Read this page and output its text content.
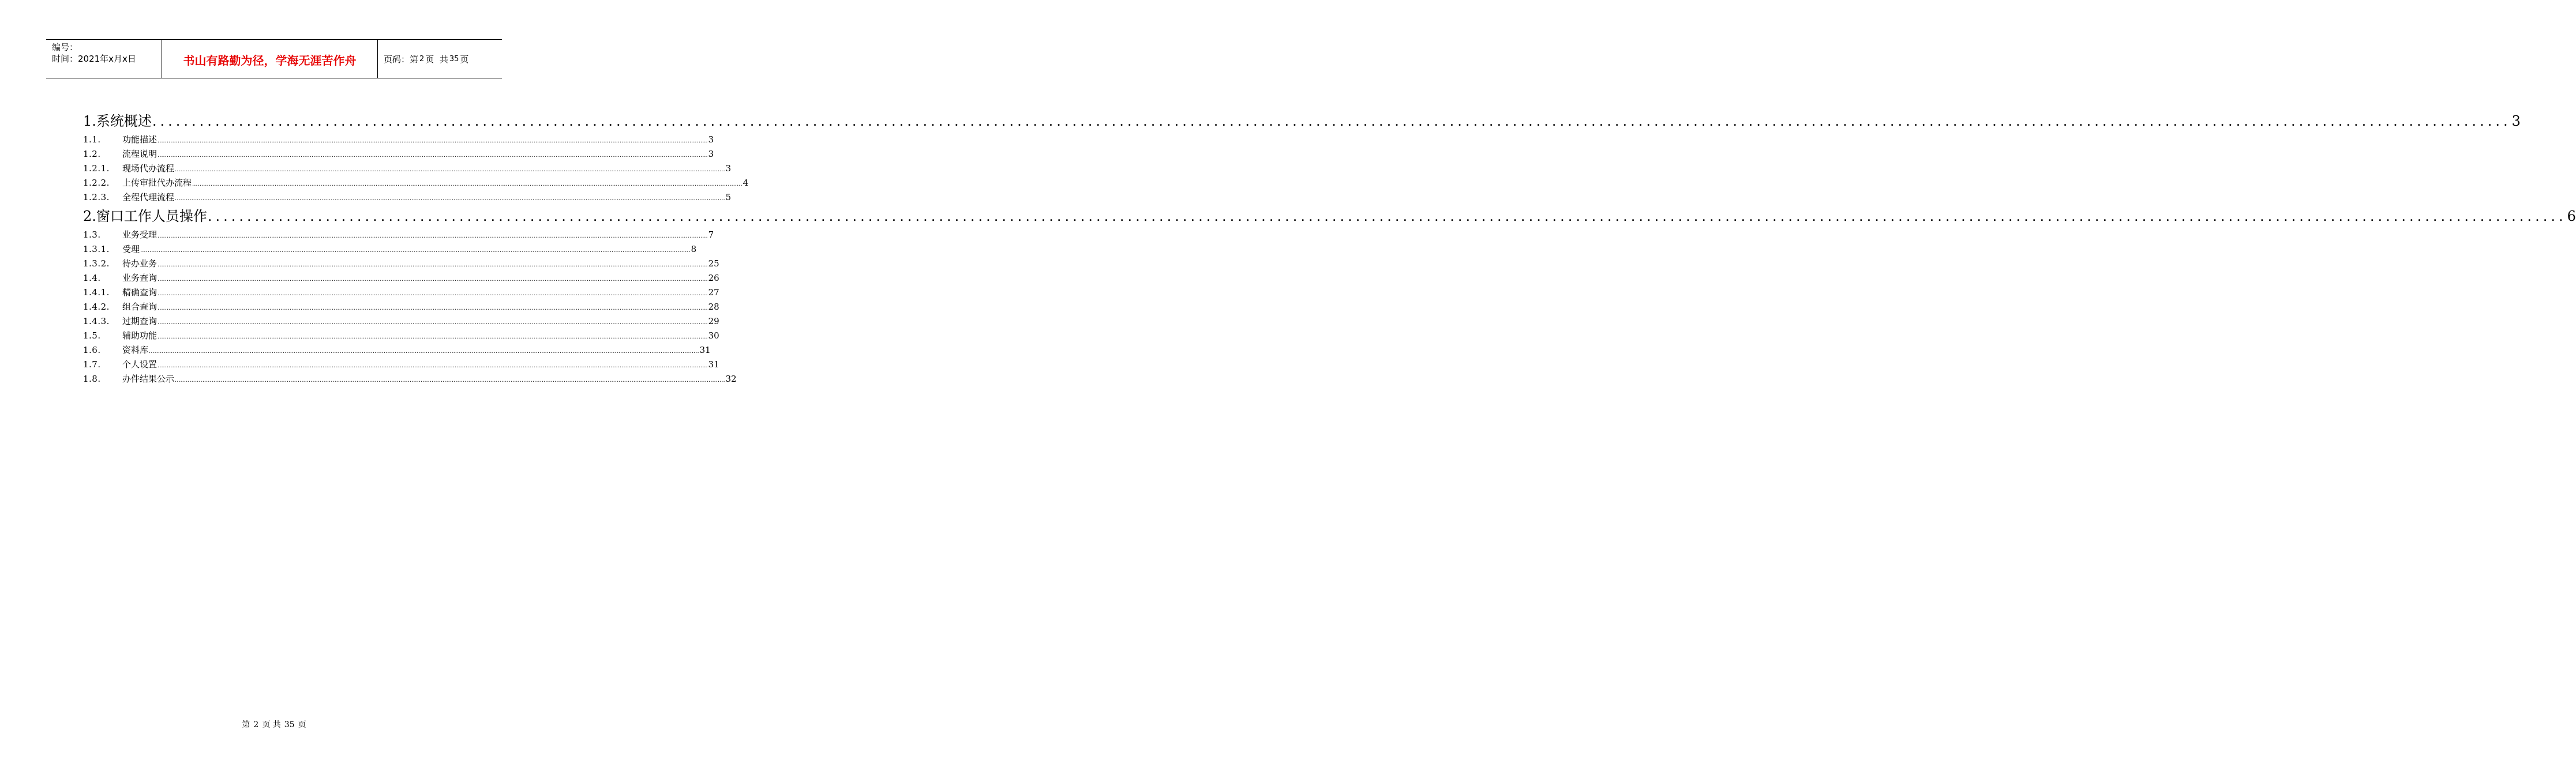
编号：
时间：2021年x月x日	书山有路勤为径，学海无涯苦作舟	页码：第 2 页  共 35 页
1. 系统概述 ............................................................................................................................................................................................................................................................................................................ 3
1.1.	功能描述 ............................................................................................................................................................................................................................................................................................................ 3
1.2.	流程说明 ............................................................................................................................................................................................................................................................................................................ 3
1.2.1.	现场代办流程 ............................................................................................................................................................................................................................................................................................................ 3
1.2.2.	上传审批代办流程 ............................................................................................................................................................................................................................................................................................................ 4
1.2.3.	全程代理流程 ............................................................................................................................................................................................................................................................................................................ 5
2. 窗口工作人员操作 ............................................................................................................................................................................................................................................................................................................ 6
1.3.	业务受理 ............................................................................................................................................................................................................................................................................................................ 7
1.3.1.	受理 ............................................................................................................................................................................................................................................................................................................ 8
1.3.2.	待办业务 ............................................................................................................................................................................................................................................................................................................ 25
1.4.	业务查询 ............................................................................................................................................................................................................................................................................................................ 26
1.4.1.	精确查询 ............................................................................................................................................................................................................................................................................................................ 27
1.4.2.	组合查询 ............................................................................................................................................................................................................................................................................................................ 28
1.4.3.	过期查询 ............................................................................................................................................................................................................................................................................................................ 29
1.5.	辅助功能 ............................................................................................................................................................................................................................................................................................................ 30
1.6.	资料库 ............................................................................................................................................................................................................................................................................................................ 31
1.7.	个人设置 ............................................................................................................................................................................................................................................................................................................ 31
1.8.	办件结果公示 ............................................................................................................................................................................................................................................................................................................ 32
第 2 页 共 35 页
